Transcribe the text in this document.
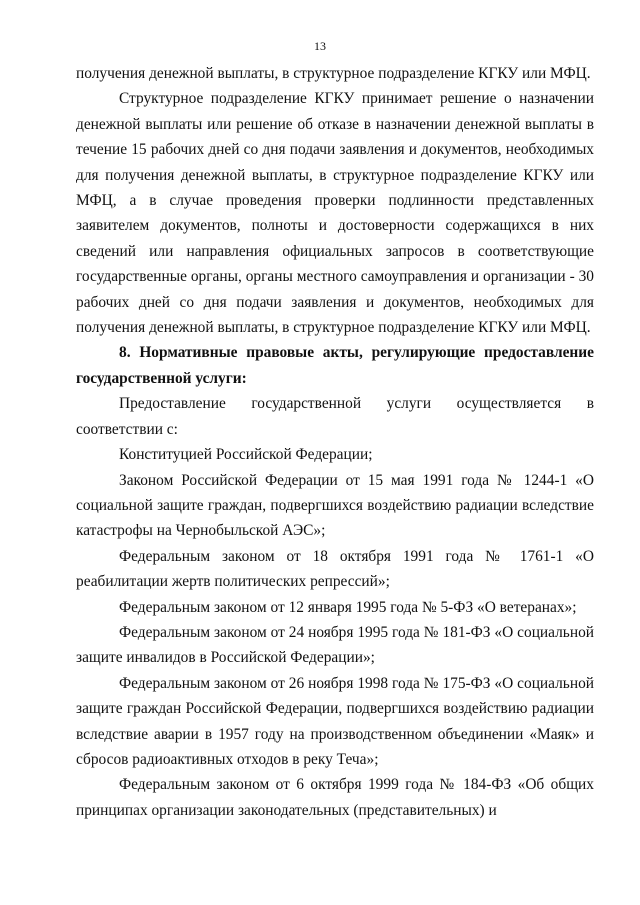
13

получения денежной выплаты, в структурное подразделение КГКУ или МФЦ.

Структурное подразделение КГКУ принимает решение о назначении денежной выплаты или решение об отказе в назначении денежной выплаты в течение 15 рабочих дней со дня подачи заявления и документов, необходимых для получения денежной выплаты, в структурное подразделение КГКУ или МФЦ, а в случае проведения проверки подлинности представленных заявителем документов, полноты и достоверности содержащихся в них сведений или направления официальных запросов в соответствующие государственные органы, органы местного самоуправления и организации - 30 рабочих дней со дня подачи заявления и документов, необходимых для получения денежной выплаты, в структурное подразделение КГКУ или МФЦ.

8. Нормативные правовые акты, регулирующие предоставление государственной услуги:

Предоставление государственной услуги осуществляется в соответствии с:

Конституцией Российской Федерации;

Законом Российской Федерации от 15 мая 1991 года № 1244-1 «О социальной защите граждан, подвергшихся воздействию радиации вследствие катастрофы на Чернобыльской АЭС»;

Федеральным законом от 18 октября 1991 года № 1761-1 «О реабилитации жертв политических репрессий»;

Федеральным законом от 12 января 1995 года № 5-ФЗ «О ветеранах»;

Федеральным законом от 24 ноября 1995 года № 181-ФЗ «О социальной защите инвалидов в Российской Федерации»;

Федеральным законом от 26 ноября 1998 года № 175-ФЗ «О социальной защите граждан Российской Федерации, подвергшихся воздействию радиации вследствие аварии в 1957 году на производственном объединении «Маяк» и сбросов радиоактивных отходов в реку Теча»;

Федеральным законом от 6 октября 1999 года № 184-ФЗ «Об общих принципах организации законодательных (представительных) и
